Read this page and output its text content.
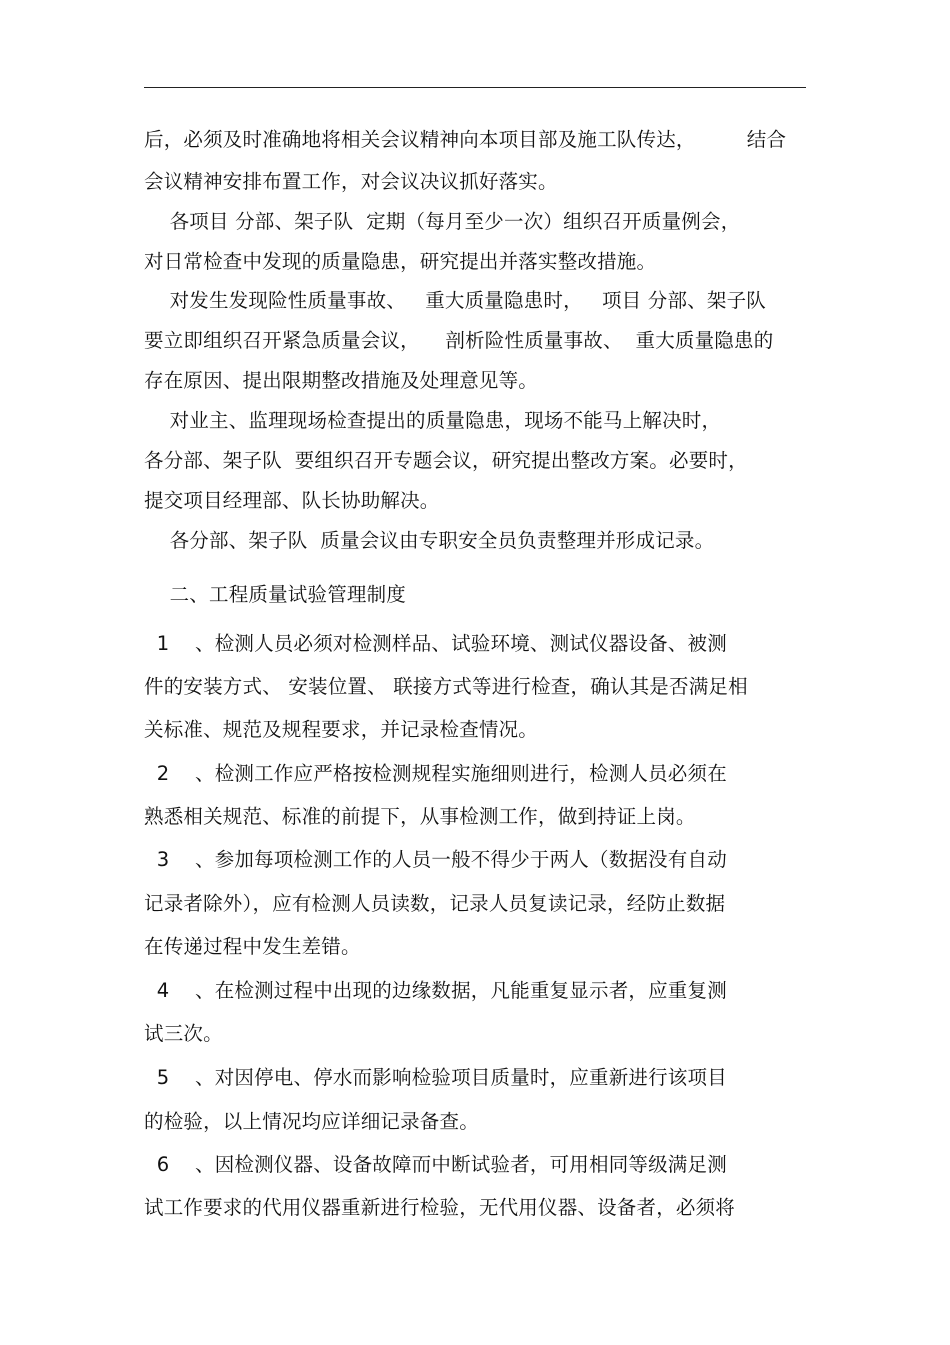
后，必须及时准确地将相关会议精神向本项目部及施工队传达，        结合
会议精神安排布置工作，对会议决议抓好落实。
各项目 分部、架子队  定期（每月至少一次）组织召开质量例会，
对日常检查中发现的质量隐患，研究提出并落实整改措施。
对发生发现险性质量事故、   重大质量隐患时，   项目 分部、架子队
要立即组织召开紧急质量会议，    剖析险性质量事故、  重大质量隐患的
存在原因、提出限期整改措施及处理意见等。
对业主、监理现场检查提出的质量隐患，现场不能马上解决时，
各分部、架子队  要组织召开专题会议，研究提出整改方案。必要时，
提交项目经理部、队长协助解决。
各分部、架子队  质量会议由专职安全员负责整理并形成记录。
二、工程质量试验管理制度
1    、检测人员必须对检测样品、试验环境、测试仪器设备、被测
件的安装方式、 安装位置、 联接方式等进行检查，确认其是否满足相
关标准、规范及规程要求，并记录检查情况。
2    、检测工作应严格按检测规程实施细则进行，检测人员必须在
熟悉相关规范、标准的前提下，从事检测工作，做到持证上岗。
3    、参加每项检测工作的人员一般不得少于两人（数据没有自动
记录者除外），应有检测人员读数，记录人员复读记录，经防止数据
在传递过程中发生差错。
4    、在检测过程中出现的边缘数据，凡能重复显示者，应重复测
试三次。
5    、对因停电、停水而影响检验项目质量时，应重新进行该项目
的检验，以上情况均应详细记录备查。
6    、因检测仪器、设备故障而中断试验者，可用相同等级满足测
试工作要求的代用仪器重新进行检验，无代用仪器、设备者，必须将
